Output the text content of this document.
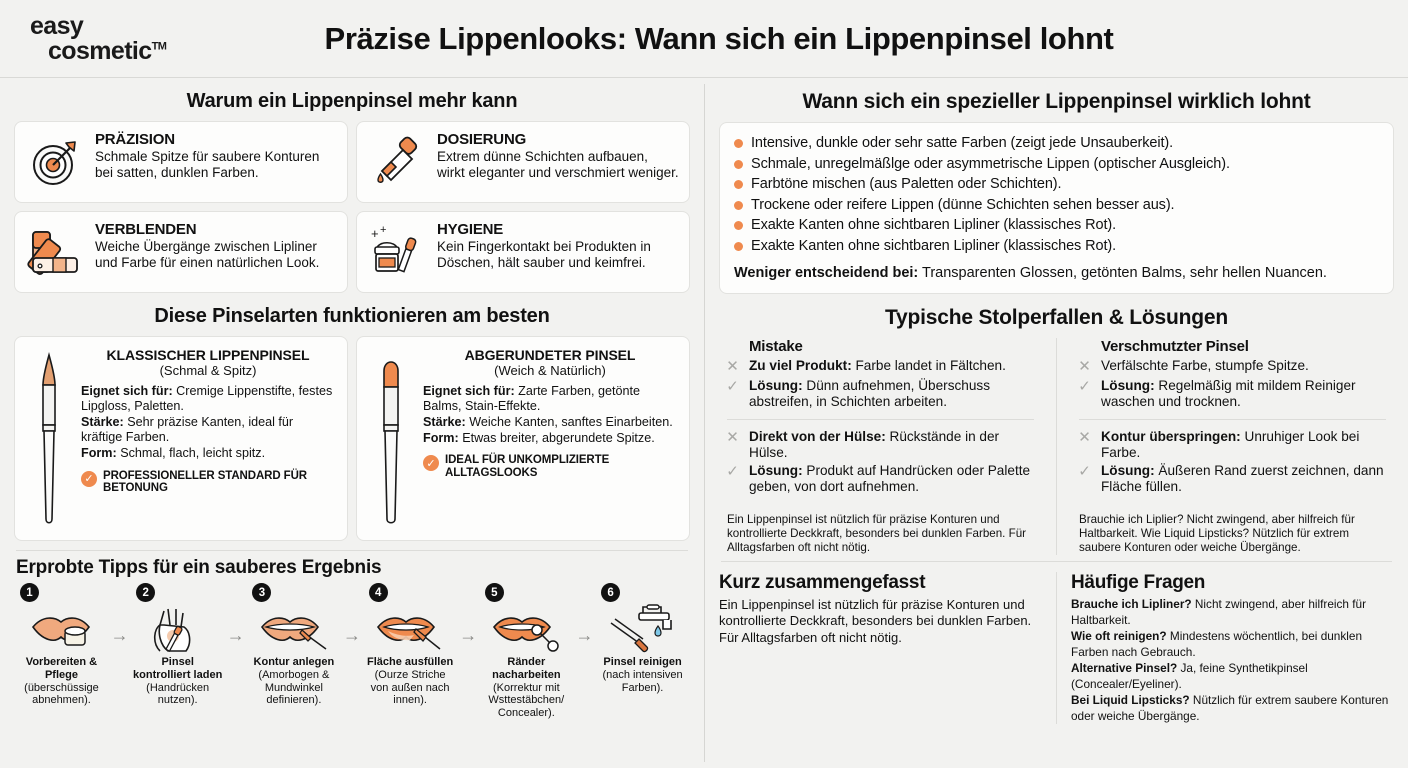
easy
cosmetic™	Präzise Lippenlooks: Wann sich ein Lippenpinsel lohnt
Warum ein Lippenpinsel mehr kann
PRÄZISION

Schmale Spitze für saubere Konturen bei satten, dunklen Farben.

DOSIERUNG

Extrem dünne Schichten aufbauen, wirkt eleganter und verschmiert weniger.

VERBLENDEN

Weiche Übergänge zwischen Lipliner und Farbe für einen natürlichen Look.

+ +	HYGIENE

Kein Fingerkontakt bei Produkten in Döschen, hält sauber und keimfrei.

Diese Pinselarten funktionieren am besten
KLASSISCHER LIPPENPINSEL
(Schmal & Spitz)
Eignet sich für: Cremige Lippenstifte, festes Lipgloss, Paletten.
Stärke: Sehr präzise Kanten, ideal für kräftige Farben.
Form: Schmal, flach, leicht spitz.
✓ PROFESSIONELLER STANDARD FÜR BETONUNG
ABGERUNDETER PINSEL
(Weich & Natürlich)
Eignet sich für: Zarte Farben, getönte Balms, Stain-Effekte.
Stärke: Weiche Kanten, sanftes Einarbeiten.
Form: Etwas breiter, abgerundete Spitze.
✓ IDEAL FÜR UNKOMPLIZIERTE ALLTAGSLOOKS
Erprobte Tipps für ein sauberes Ergebnis
1
Vorbereiten & Pflege (überschüssige abnehmen).
→
2
Pinsel kontrolliert laden (Handrücken nutzen).
→
3
Kontur anlegen (Amorbogen & Mundwinkel definieren).
→
4
Fläche ausfüllen (Ourze Striche von außen nach innen).
→
5
Ränder nacharbeiten (Korrektur mit Wsttestäbchen/ Concealer).
→
6
Pinsel reinigen (nach intensiven Farben).
Wann sich ein spezieller Lippenpinsel wirklich lohnt
Intensive, dunkle oder sehr satte Farben (zeigt jede Unsauberkeit).
Schmale, unregelmäßlge oder asymmetrische Lippen (optischer Ausgleich).
Farbtöne mischen (aus Paletten oder Schichten).
Trockene oder reifere Lippen (dünne Schichten sehen besser aus).
Exakte Kanten ohne sichtbaren Lipliner (klassisches Rot).
Exakte Kanten ohne sichtbaren Lipliner (klassisches Rot).
Weniger entscheidend bei: Transparenten Glossen, getönten Balms, sehr hellen Nuancen.
Typische Stolperfallen & Lösungen
Mistake
✕ Zu viel Produkt: Farbe landet in Fältchen.
✓ Lösung: Dünn aufnehmen, Überschuss abstreifen, in Schichten arbeiten.
✕ Direkt von der Hülse: Rückstände in der Hülse.
✓ Lösung: Produkt auf Handrücken oder Palette geben, von dort aufnehmen.
Ein Lippenpinsel ist nützlich für präzise Konturen und kontrollierte Deckkraft, besonders bei dunklen Farben. Für Alltagsfarben oft nicht nötig.
Verschmutzter Pinsel
✕ Verfälschte Farbe, stumpfe Spitze.
✓ Lösung: Regelmäßig mit mildem Reiniger waschen und trocknen.
✕ Kontur überspringen: Unruhiger Look bei Farbe.
✓ Lösung: Äußeren Rand zuerst zeichnen, dann Fläche füllen.
Brauchie ich Liplier? Nicht zwingend, aber hilfreich für Haltbarkeit. Wie Liquid Lipsticks? Nützlich für extrem saubere Konturen oder weiche Übergänge.
Kurz zusammengefasst
Ein Lippenpinsel ist nützlich für präzise Konturen und kontrollierte Deckkraft, besonders bei dunklen Farben. Für Alltagsfarben oft nicht nötig.
Häufige Fragen
Brauche ich Lipliner? Nicht zwingend, aber hilfreich für Haltbarkeit.
Wie oft reinigen? Mindestens wöchentlich, bei dunklen Farben nach Gebrauch.
Alternative Pinsel? Ja, feine Synthetikpinsel (Concealer/Eyeliner).
Bei Liquid Lipsticks? Nützlich für extrem saubere Konturen oder weiche Übergänge.
